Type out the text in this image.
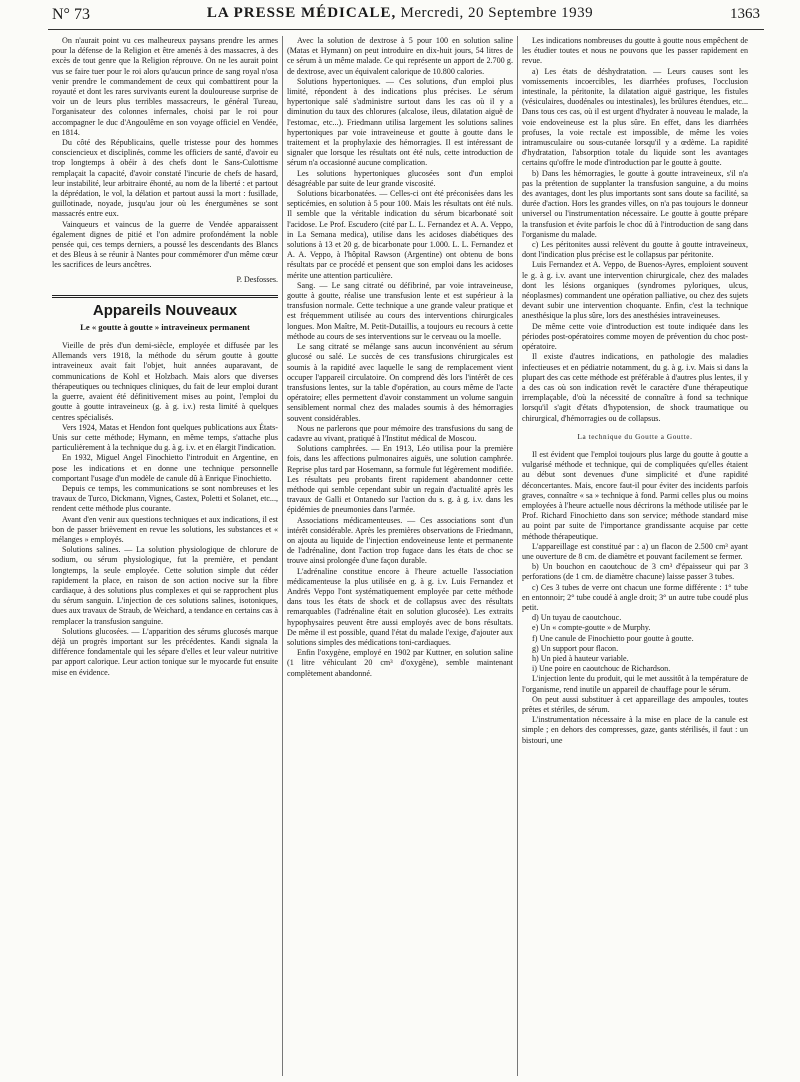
N° 73	LA PRESSE MÉDICALE, Mercredi, 20 Septembre 1939	1363

On n'aurait point vu ces malheureux paysans prendre les armes pour la défense de la Religion et être amenés à des massacres, à des excès de tout genre que la Religion réprouve. On ne les aurait point vus se faire tuer pour le roi alors qu'aucun prince de sang royal n'osa venir prendre le commandement de ceux qui combattirent pour la royauté et dont les rares survivants eurent la douloureuse surprise de voir un de leurs plus terribles massacreurs, le général Tureau, l'organisateur des colonnes infernales, choisi par le roi pour accompagner le duc d'Angoulême en son voyage officiel en Vendée, en 1814.

Du côté des Républicains, quelle tristesse pour des hommes consciencieux et disciplinés, comme les officiers de santé, d'avoir eu trop longtemps à obéir à des chefs dont le Sans-Culottisme remplaçait la capacité, d'avoir constaté l'incurie de chefs de hasard, leur instabilité, leur arbitraire éhonté, au nom de la liberté : et partout la déprédation, le vol, la délation et partout aussi la mort : fusillade, guillotinade, noyade, jusqu'au jour où les énergumènes se sont massacrés entre eux.

Vainqueurs et vaincus de la guerre de Vendée apparaissent également dignes de pitié et l'on admire profondément la noble pensée qui, ces temps derniers, a poussé les descendants des Blancs et des Bleus à se réunir à Nantes pour commémorer d'un même cœur les sacrifices de leurs ancêtres.

P. Desfosses.
Appareils Nouveaux
Le « goutte à goutte » intraveineux permanent

Vieille de près d'un demi-siècle, employée et diffusée par les Allemands vers 1918, la méthode du sérum goutte à goutte intraveineux avait fait l'objet, huit années auparavant, de communications de Kohl et Holzbach. Mais alors que diverses thérapeutiques ou techniques cliniques, du fait de leur emploi durant la guerre, avaient été définitivement mises au point, l'emploi du goutte à goutte intraveineux (g. à g. i.v.) resta limité à quelques centres spécialisés.

Vers 1924, Matas et Hendon font quelques publications aux États-Unis sur cette méthode; Hymann, en même temps, s'attache plus particulièrement à la technique du g. à g. i.v. et en élargit l'indication.

En 1932, Miguel Angel Finochietto l'introduit en Argentine, en pose les indications et en donne une technique personnelle comportant l'usage d'un modèle de canule dû à Enrique Finochietto.

Depuis ce temps, les communications se sont nombreuses et les travaux de Turco, Dickmann, Vignes, Castex, Poletti et Solanet, etc..., rendent cette méthode plus courante.

Avant d'en venir aux questions techniques et aux indications, il est bon de passer brièvement en revue les solutions, les substances et « mélanges » employés.

Solutions salines. — La solution physiologique de chlorure de sodium, ou sérum physiologique, fut la première, et pendant longtemps, la seule employée. Cette solution simple dut céder rapidement la place, en raison de son action nocive sur la fibre cardiaque, à des solutions plus complexes et qui se rapprochent plus du sérum sanguin. L'injection de ces solutions salines, isotoniques, dues aux travaux de Straub, de Weichard, a tendance en certains cas à remplacer la transfusion sanguine.

Solutions glucosées. — L'apparition des sérums glucosés marque déjà un progrès important sur les précédentes. Kandi signala la différence fondamentale qui les sépare d'elles et leur valeur nutritive par apport calorique. Leur action tonique sur le myocarde fut ensuite mise en évidence.

Avec la solution de dextrose à 5 pour 100 en solution saline (Matas et Hymann) on peut introduire en dix-huit jours, 54 litres de ce sérum à un même malade. Ce qui représente un apport de 2.700 g. de dextrose, avec un équivalent calorique de 10.800 calories.

Solutions hypertoniques. — Ces solutions, d'un emploi plus limité, répondent à des indications plus précises. Le sérum hypertonique salé s'administre surtout dans les cas où il y a diminution du taux des chlorures (alcalose, ileus, dilatation aiguë de l'estomac, etc...). Friedmann utilisa largement les solutions salines hypertoniques par voie intraveineuse et goutte à goutte dans le traitement et la prophylaxie des hémorragies. Il est intéressant de signaler que lorsque les résultats ont été nuls, cette introduction de sérum n'a occasionné aucune complication.

Les solutions hypertoniques glucosées sont d'un emploi désagréable par suite de leur grande viscosité.

Solutions bicarbonatées. — Celles-ci ont été préconisées dans les septicémies, en solution à 5 pour 100. Mais les résultats ont été nuls. Il semble que la véritable indication du sérum bicarbonaté soit l'acidose. Le Prof. Escudero (cité par L. L. Fernandez et A. A. Veppo, in La Semana medica), utilise dans les acidoses diabétiques des solutions à 13 et 20 g. de bicarbonate pour 1.000. L. L. Fernandez et A. A. Veppo, à l'hôpital Rawson (Argentine) ont obtenu de bons résultats par ce procédé et pensent que son emploi dans les acidoses mérite une attention particulière.

Sang. — Le sang citraté ou défibriné, par voie intraveineuse, goutte à goutte, réalise une transfusion lente et est supérieur à la transfusion normale. Cette technique a une grande valeur pratique et est fréquemment utilisée au cours des interventions chirurgicales longues. Mon Maître, M. Petit-Dutaillis, a toujours eu recours à cette méthode au cours de ses interventions sur le cerveau ou la moelle.

Le sang citraté se mélange sans aucun inconvénient au sérum glucosé ou salé. Le succès de ces transfusions chirurgicales est soumis à la rapidité avec laquelle le sang de remplacement vient occuper l'appareil circulatoire. On comprend dès lors l'intérêt de ces transfusions lentes, sur la table d'opération, au cours même de l'acte opératoire; elles permettent d'avoir constamment un volume sanguin sensiblement normal chez des malades soumis à des hémorragies souvent considérables.

Nous ne parlerons que pour mémoire des transfusions du sang de cadavre au vivant, pratiqué à l'Institut médical de Moscou.

Solutions camphrées. — En 1913, Léo utilisa pour la première fois, dans les affections pulmonaires aiguës, une solution camphrée. Reprise plus tard par Hosemann, sa formule fut légèrement modifiée. Les résultats peu probants firent rapidement abandonner cette méthode qui semble cependant subir un regain d'actualité après les travaux de Galli et Ontanedo sur l'action du s. g. à g. i.v. dans les épidémies de pneumonies dans l'armée.

Associations médicamenteuses. — Ces associations sont d'un intérêt considérable. Après les premières observations de Friedmann, on ajouta au liquide de l'injection endoveineuse lente et permanente de l'adrénaline, dont l'action trop fugace dans les états de choc se trouve ainsi prolongée d'une façon durable.

L'adrénaline constitue encore à l'heure actuelle l'association médicamenteuse la plus utilisée en g. à g. i.v. Luis Fernandez et Andrés Veppo l'ont systématiquement employée par cette méthode dans tous les états de shock et de collapsus avec des résultats remarquables (l'adrénaline était en solution glucosée). Les extraits hypophysaires peuvent être aussi employés avec de bons résultats. De même il est possible, quand l'état du malade l'exige, d'ajouter aux solutions simples des médications toni-cardiaques.

Enfin l'oxygène, employé en 1902 par Kuttner, en solution saline (1 litre véhiculant 20 cm³ d'oxygène), semble maintenant complètement abandonné.

Les indications nombreuses du goutte à goutte nous empêchent de les étudier toutes et nous ne pouvons que les passer rapidement en revue.

a) Les états de déshydratation. — Leurs causes sont les vomissements incoercibles, les diarrhées profuses, l'occlusion intestinale, la péritonite, la dilatation aiguë gastrique, les fistules (vésiculaires, duodénales ou intestinales), les brûlures étendues, etc... Dans tous ces cas, où il est urgent d'hydrater à nouveau le malade, la voie endoveineuse est la plus sûre. En effet, dans les diarrhées profuses, la voie rectale est impossible, de même les voies intramusculaire ou sous-cutanée lorsqu'il y a œdème. La rapidité d'hydratation, l'absorption totale du liquide sont les avantages certains qu'offre le mode d'introduction par le goutte à goutte.

b) Dans les hémorragies, le goutte à goutte intraveineux, s'il n'a pas la prétention de supplanter la transfusion sanguine, a du moins des avantages, dont les plus importants sont sans doute sa facilité, sa durée d'action. Hors les grandes villes, on n'a pas toujours le donneur universel ou l'instrumentation nécessaire. Le goutte à goutte prépare la transfusion et évite parfois le choc dû à l'introduction de sang dans l'organisme du malade.

c) Les péritonites aussi relèvent du goutte à goutte intraveineux, dont l'indication plus précise est le collapsus par péritonite.

Luis Fernandez et A. Veppo, de Buenos-Ayres, emploient souvent le g. à g. i.v. avant une intervention chirurgicale, chez des malades dont les lésions organiques (syndromes pyloriques, ulcus, néoplasmes) commandent une opération palliative, ou chez des sujets devant subir une intervention choquante. Enfin, c'est la technique anesthésique la plus sûre, lors des anesthésies intraveineuses.

De même cette voie d'introduction est toute indiquée dans les périodes post-opératoires comme moyen de prévention du choc post-opératoire.

Il existe d'autres indications, en pathologie des maladies infectieuses et en pédiatrie notamment, du g. à g. i.v. Mais si dans la plupart des cas cette méthode est préférable à d'autres plus lentes, il y a des cas où son indication revêt le caractère d'une thérapeutique irremplaçable, d'où la nécessité de connaître à fond sa technique lorsqu'il s'agit d'états d'hypotension, de shock traumatique ou chirurgical, d'hémorragies ou de collapsus.

La technique du Goutte a Goutte.

Il est évident que l'emploi toujours plus large du goutte à goutte a vulgarisé méthode et technique, qui de compliquées qu'elles étaient au début sont devenues d'une simplicité et d'une rapidité déconcertantes. Mais, encore faut-il pour éviter des incidents parfois graves, connaître « sa » technique à fond. Parmi celles plus ou moins employées à l'heure actuelle nous décrirons la méthode utilisée par le Prof. Richard Finochietto dans son service; méthode standard mise au point par suite de l'importance grandissante acquise par cette méthode thérapeutique.

L'appareillage est constitué par : a) un flacon de 2.500 cm³ ayant une ouverture de 8 cm. de diamètre et pouvant facilement se fermer.

b) Un bouchon en caoutchouc de 3 cm³ d'épaisseur qui par 3 perforations (de 1 cm. de diamètre chacune) laisse passer 3 tubes.

c) Ces 3 tubes de verre ont chacun une forme différente : 1° tube en entonnoir; 2° tube coudé à angle droit; 3° un autre tube coudé plus petit.

d) Un tuyau de caoutchouc.

e) Un « compte-goutte » de Murphy.

f) Une canule de Finochietto pour goutte à goutte.

g) Un support pour flacon.

h) Un pied à hauteur variable.

i) Une poire en caoutchouc de Richardson.

L'injection lente du produit, qui le met aussitôt à la température de l'organisme, rend inutile un appareil de chauffage pour le sérum.

On peut aussi substituer à cet appareillage des ampoules, toutes prêtes et stériles, de sérum.

L'instrumentation nécessaire à la mise en place de la canule est simple ; en dehors des compresses, gaze, gants stérilisés, il faut : un bistouri, une
